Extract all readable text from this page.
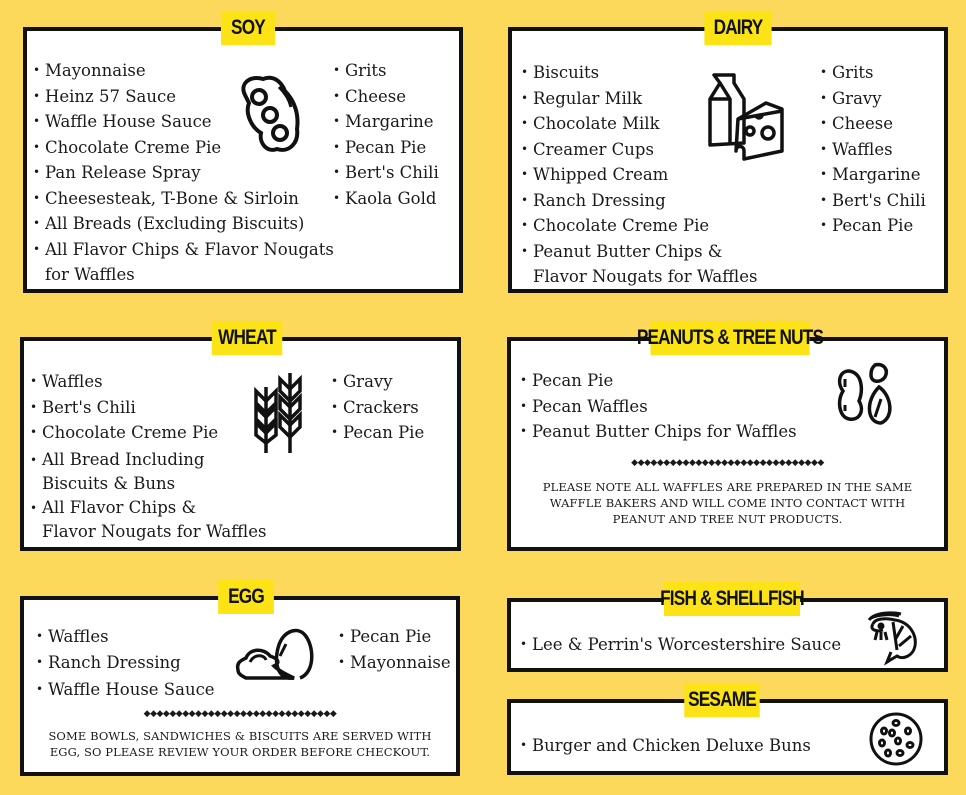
SOY
• Mayonnaise
• Heinz 57 Sauce
• Waffle House Sauce
• Chocolate Creme Pie
• Pan Release Spray
• Cheesesteak, T-Bone & Sirloin
• All Breads (Excluding Biscuits)
• All Flavor Chips & Flavor Nougats
for Waffles
• Grits
• Cheese
• Margarine
• Pecan Pie
• Bert's Chili
• Kaola Gold
DAIRY
• Biscuits
• Regular Milk
• Chocolate Milk
• Creamer Cups
• Whipped Cream
• Ranch Dressing
• Chocolate Creme Pie
• Peanut Butter Chips &
Flavor Nougats for Waffles
• Grits
• Gravy
• Cheese
• Waffles
• Margarine
• Bert's Chili
• Pecan Pie
WHEAT
• Waffles
• Bert's Chili
• Chocolate Creme Pie
• All Bread Including
Biscuits & Buns
• All Flavor Chips &
Flavor Nougats for Waffles
• Gravy
• Crackers
• Pecan Pie
PEANUTS & TREE NUTS
• Pecan Pie
• Pecan Waffles
• Peanut Butter Chips for Waffles
◆◆◆◆◆◆◆◆◆◆◆◆◆◆◆◆◆◆◆◆◆◆◆◆◆◆◆◆◆◆
PLEASE NOTE ALL WAFFLES ARE PREPARED IN THE SAME
WAFFLE BAKERS AND WILL COME INTO CONTACT WITH
PEANUT AND TREE NUT PRODUCTS.
EGG
• Waffles
• Ranch Dressing
• Waffle House Sauce
• Pecan Pie
• Mayonnaise
◆◆◆◆◆◆◆◆◆◆◆◆◆◆◆◆◆◆◆◆◆◆◆◆◆◆◆◆◆◆
SOME BOWLS, SANDWICHES & BISCUITS ARE SERVED WITH
EGG, SO PLEASE REVIEW YOUR ORDER BEFORE CHECKOUT.
FISH & SHELLFISH
• Lee & Perrin's Worcestershire Sauce
SESAME
• Burger and Chicken Deluxe Buns
